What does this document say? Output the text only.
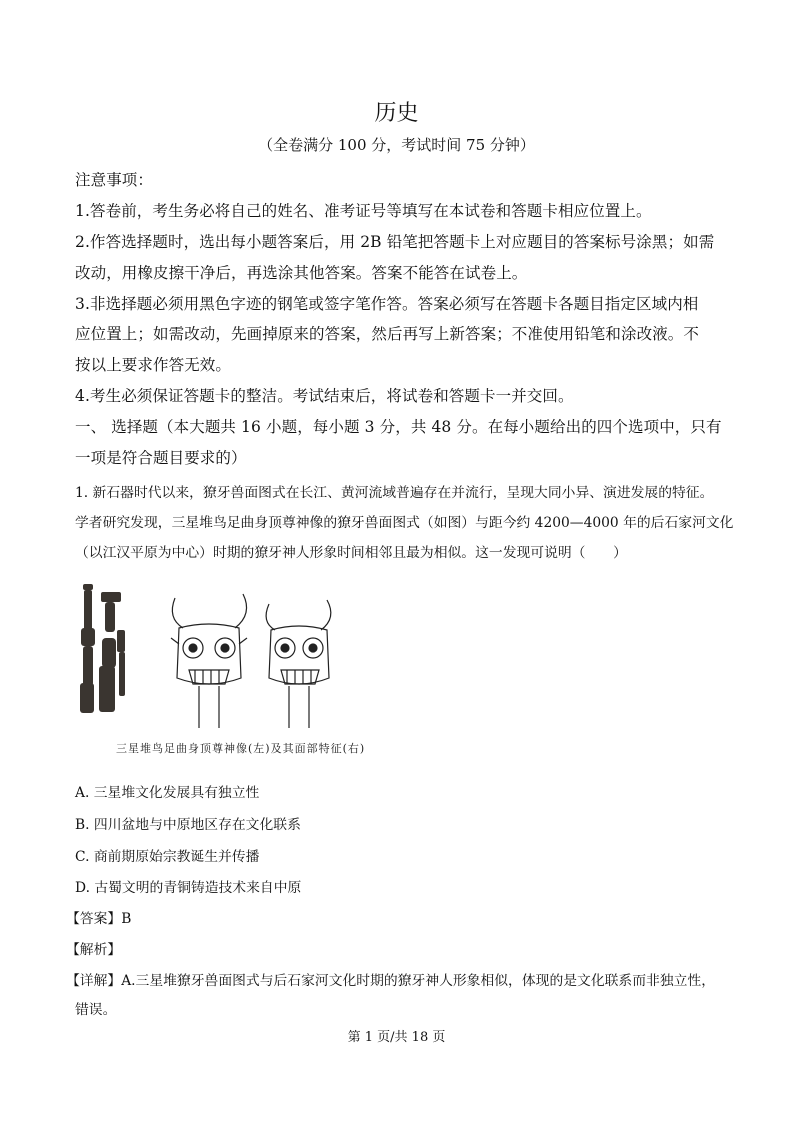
历史
（全卷满分 100 分，考试时间 75 分钟）
注意事项：
1.答卷前，考生务必将自己的姓名、准考证号等填写在本试卷和答题卡相应位置上。
2.作答选择题时，选出每小题答案后，用 2B 铅笔把答题卡上对应题目的答案标号涂黑；如需
改动，用橡皮擦干净后，再选涂其他答案。答案不能答在试卷上。
3.非选择题必须用黑色字迹的钢笔或签字笔作答。答案必须写在答题卡各题目指定区域内相
应位置上；如需改动，先画掉原来的答案，然后再写上新答案；不准使用铅笔和涂改液。不
按以上要求作答无效。
4.考生必须保证答题卡的整洁。考试结束后，将试卷和答题卡一并交回。
一、 选择题（本大题共 16 小题，每小题 3 分，共 48 分。在每小题给出的四个选项中，只有
一项是符合题目要求的）
1. 新石器时代以来，獠牙兽面图式在长江、黄河流域普遍存在并流行，呈现大同小异、演进发展的特征。
学者研究发现，三星堆鸟足曲身顶尊神像的獠牙兽面图式（如图）与距今约 4200—4000 年的后石家河文化
（以江汉平原为中心）时期的獠牙神人形象时间相邻且最为相似。这一发现可说明（　　）
三星堆鸟足曲身顶尊神像(左)及其面部特征(右)
A. 三星堆文化发展具有独立性
B. 四川盆地与中原地区存在文化联系
C. 商前期原始宗教诞生并传播
D. 古蜀文明的青铜铸造技术来自中原
【答案】B
【解析】
【详解】A.三星堆獠牙兽面图式与后石家河文化时期的獠牙神人形象相似，体现的是文化联系而非独立性，
错误。
第 1 页/共 18 页
